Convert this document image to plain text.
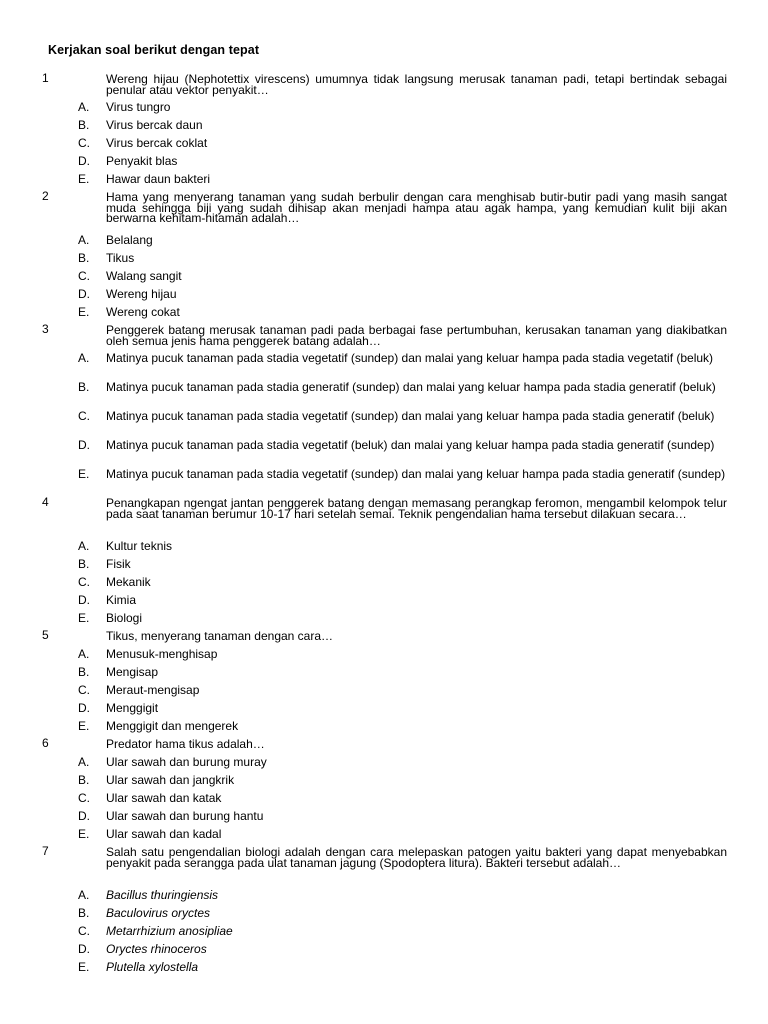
Kerjakan soal berikut dengan tepat
1	Wereng hijau (Nephotettix virescens) umumnya tidak langsung merusak tanaman padi, tetapi bertindak sebagai penular atau vektor penyakit…
A. Virus tungro
B. Virus bercak daun
C. Virus bercak coklat
D. Penyakit blas
E. Hawar daun bakteri
2	Hama yang menyerang tanaman yang sudah berbulir dengan cara menghisab butir-butir padi yang masih sangat muda sehingga biji yang sudah dihisap akan menjadi hampa atau agak hampa, yang kemudian kulit biji akan berwarna kehitam-hitaman adalah…
A. Belalang
B. Tikus
C. Walang sangit
D. Wereng hijau
E. Wereng cokat
3	Penggerek batang merusak tanaman padi pada berbagai fase pertumbuhan, kerusakan tanaman yang diakibatkan oleh semua jenis hama penggerek batang adalah…
A. Matinya pucuk tanaman pada stadia vegetatif (sundep) dan malai yang keluar hampa pada stadia vegetatif (beluk)
B. Matinya pucuk tanaman pada stadia generatif (sundep) dan malai yang keluar hampa pada stadia generatif (beluk)
C. Matinya pucuk tanaman pada stadia vegetatif (sundep) dan malai yang keluar hampa pada stadia generatif (beluk)
D. Matinya pucuk tanaman pada stadia vegetatif (beluk) dan malai yang keluar hampa pada stadia generatif (sundep)
E. Matinya pucuk tanaman pada stadia vegetatif (sundep) dan malai yang keluar hampa pada stadia generatif (sundep)
4	Penangkapan ngengat jantan penggerek batang dengan memasang perangkap feromon, mengambil kelompok telur pada saat tanaman berumur 10-17 hari setelah semai. Teknik pengendalian hama tersebut dilakuan secara…
A. Kultur teknis
B. Fisik
C. Mekanik
D. Kimia
E. Biologi
5	Tikus, menyerang tanaman dengan cara…
A. Menusuk-menghisap
B. Mengisap
C. Meraut-mengisap
D. Menggigit
E. Menggigit dan mengerek
6	Predator hama tikus adalah…
A. Ular sawah dan burung muray
B. Ular sawah dan jangkrik
C. Ular sawah dan katak
D. Ular sawah dan burung hantu
E. Ular sawah dan kadal
7	Salah satu pengendalian biologi adalah dengan cara melepaskan patogen yaitu bakteri yang dapat menyebabkan penyakit pada serangga pada ulat tanaman jagung (Spodoptera litura). Bakteri tersebut adalah…
A. Bacillus thuringiensis
B. Baculovirus oryctes
C. Metarrhizium anosipliae
D. Oryctes rhinoceros
E. Plutella xylostella
